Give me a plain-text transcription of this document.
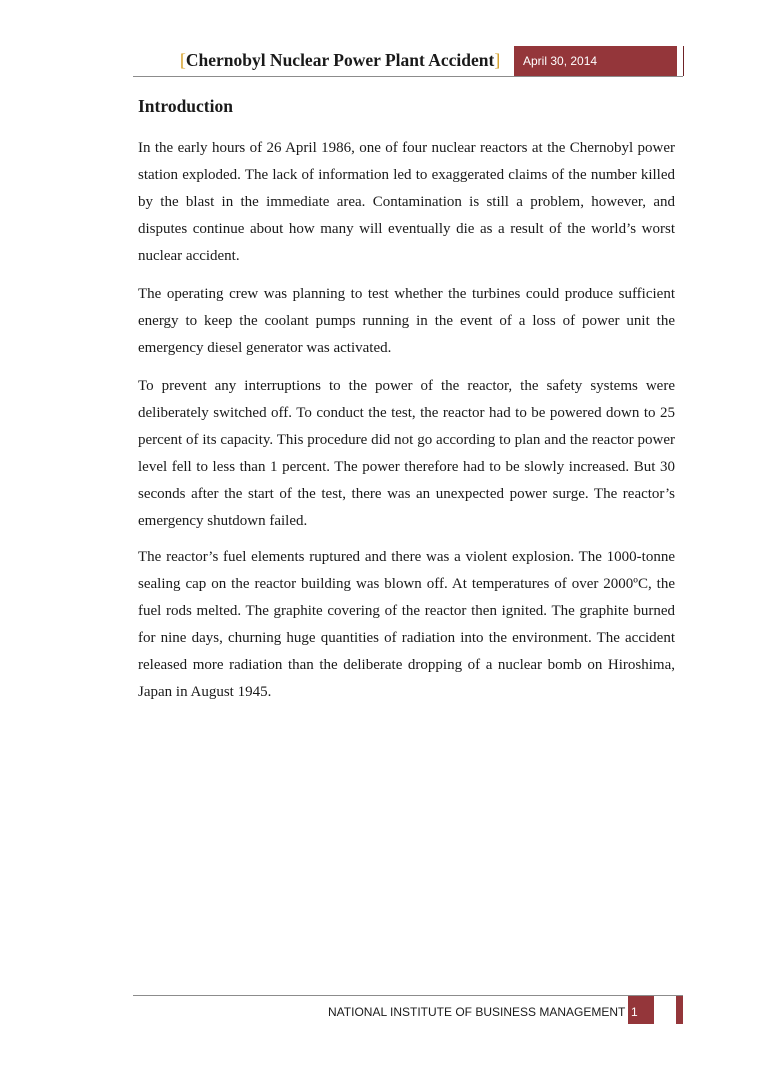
[Chernobyl Nuclear Power Plant Accident] April 30, 2014
Introduction

In the early hours of 26 April 1986, one of four nuclear reactors at the Chernobyl power station exploded. The lack of information led to exaggerated claims of the number killed by the blast in the immediate area. Contamination is still a problem, however, and disputes continue about how many will eventually die as a result of the world’s worst nuclear accident.

The operating crew was planning to test whether the turbines could produce sufficient energy to keep the coolant pumps running in the event of a loss of power unit the emergency diesel generator was activated.

To prevent any interruptions to the power of the reactor, the safety systems were deliberately switched off. To conduct the test, the reactor had to be powered down to 25 percent of its capacity. This procedure did not go according to plan and the reactor power level fell to less than 1 percent. The power therefore had to be slowly increased. But 30 seconds after the start of the test, there was an unexpected power surge. The reactor’s emergency shutdown failed.

The reactor’s fuel elements ruptured and there was a violent explosion. The 1000-tonne sealing cap on the reactor building was blown off. At temperatures of over 2000ºC, the fuel rods melted. The graphite covering of the reactor then ignited. The graphite burned for nine days, churning huge quantities of radiation into the environment. The accident released more radiation than the deliberate dropping of a nuclear bomb on Hiroshima, Japan in August 1945.

NATIONAL INSTITUTE OF BUSINESS MANAGEMENT 1
